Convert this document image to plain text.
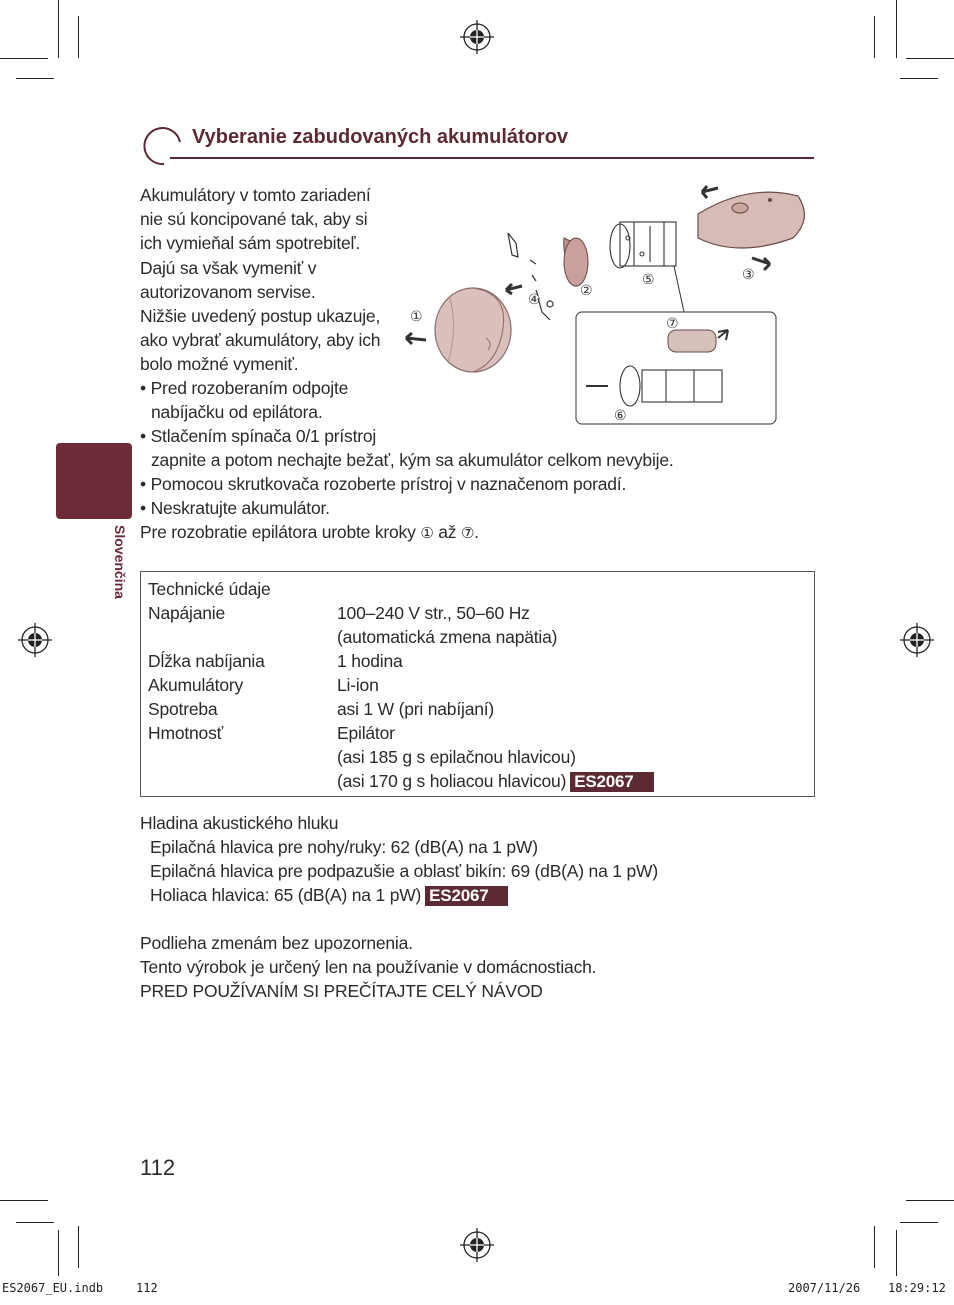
Vyberanie zabudovaných akumulátorov
Akumulátory v tomto zariadení
nie sú koncipované tak, aby si
ich vymieňal sám spotrebiteľ.
Dajú sa však vymeniť v
autorizovanom servise.
Nižšie uvedený postup ukazuje,
ako vybrať akumulátory, aby ich
bolo možné vymeniť.
• Pred rozoberaním odpojte
nabíjačku od epilátora.
• Stlačením spínača 0/1 prístroj
zapnite a potom nechajte bežať, kým sa akumulátor celkom nevybije.
• Pomocou skrutkovača rozoberte prístroj v naznačenom poradí.
• Neskratujte akumulátor.
Pre rozobratie epilátora urobte kroky ① až ⑦.
①
②
③
④
⑤
⑥
⑦
Slovenčina Technické údaje
Napájanie	100–240 V str., 50–60 Hz
(automatická zmena napätia)
Dĺžka nabíjania	1 hodina
Akumulátory	Li-ion
Spotreba	asi 1 W (pri nabíjaní)
Hmotnosť	Epilátor
(asi 185 g s epilačnou hlavicou)
(asi 170 g s holiacou hlavicou) ES2067
Hladina akustického hluku
Epilačná hlavica pre nohy/ruky: 62 (dB(A) na 1 pW)
Epilačná hlavica pre podpazušie a oblasť bikín: 69 (dB(A) na 1 pW)
Holiaca hlavica: 65 (dB(A) na 1 pW) ES2067
Podlieha zmenám bez upozornenia.
Tento výrobok je určený len na používanie v domácnostiach.
PRED POUŽÍVANÍM SI PREČÍTAJTE CELÝ NÁVOD
112
ES2067_EU.indb	112	2007/11/26 18:29:12
